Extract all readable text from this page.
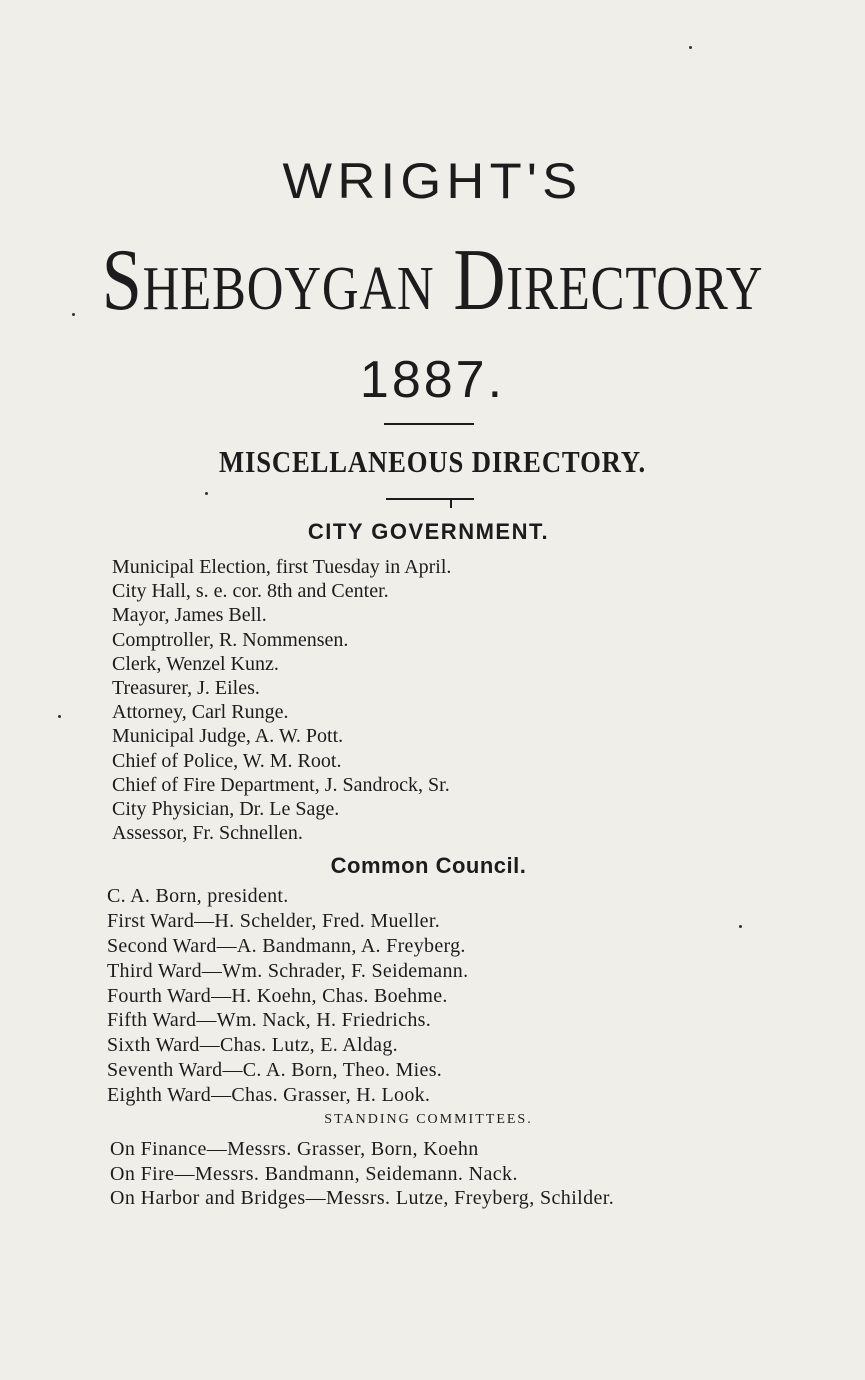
WRIGHT'S
Sheboygan Directory
1887.
MISCELLANEOUS DIRECTORY.
CITY GOVERNMENT.
Municipal Election, first Tuesday in April.
City Hall, s. e. cor. 8th and Center.
Mayor, James Bell.
Comptroller, R. Nommensen.
Clerk, Wenzel Kunz.
Treasurer, J. Eiles.
Attorney, Carl Runge.
Municipal Judge, A. W. Pott.
Chief of Police, W. M. Root.
Chief of Fire Department, J. Sandrock, Sr.
City Physician, Dr. Le Sage.
Assessor, Fr. Schnellen.
Common Council.
C. A. Born, president.
First Ward—H. Schelder, Fred. Mueller.
Second Ward—A. Bandmann, A. Freyberg.
Third Ward—Wm. Schrader, F. Seidemann.
Fourth Ward—H. Koehn, Chas. Boehme.
Fifth Ward—Wm. Nack, H. Friedrichs.
Sixth Ward—Chas. Lutz, E. Aldag.
Seventh Ward—C. A. Born, Theo. Mies.
Eighth Ward—Chas. Grasser, H. Look.
STANDING COMMITTEES.
On Finance—Messrs. Grasser, Born, Koehn
On Fire—Messrs. Bandmann, Seidemann. Nack.
On Harbor and Bridges—Messrs. Lutze, Freyberg, Schilder.
